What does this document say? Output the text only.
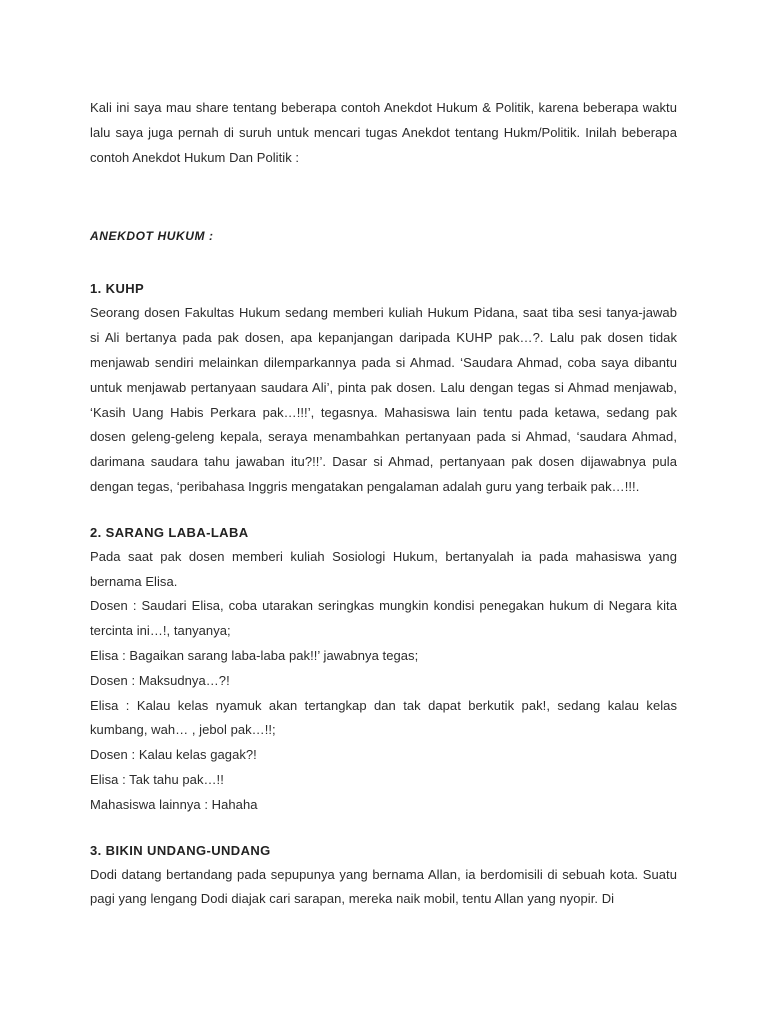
Kali ini saya mau share tentang beberapa contoh Anekdot Hukum & Politik, karena beberapa waktu lalu saya juga pernah di suruh untuk mencari tugas Anekdot tentang Hukm/Politik. Inilah beberapa contoh Anekdot Hukum Dan Politik :

ANEKDOT HUKUM :
1. KUHP

Seorang dosen Fakultas Hukum sedang memberi kuliah Hukum Pidana, saat tiba sesi tanya-jawab si Ali bertanya pada pak dosen, apa kepanjangan daripada KUHP pak…?. Lalu pak dosen tidak menjawab sendiri melainkan dilemparkannya pada si Ahmad. ‘Saudara Ahmad, coba saya dibantu untuk menjawab pertanyaan saudara Ali’, pinta pak dosen. Lalu dengan tegas si Ahmad menjawab, ‘Kasih Uang Habis Perkara pak…!!!’, tegasnya. Mahasiswa lain tentu pada ketawa, sedang pak dosen geleng-geleng kepala, seraya menambahkan pertanyaan pada si Ahmad, ‘saudara Ahmad, darimana saudara tahu jawaban itu?!!’. Dasar si Ahmad, pertanyaan pak dosen dijawabnya pula dengan tegas, ‘peribahasa Inggris mengatakan pengalaman adalah guru yang terbaik pak…!!!.

2. SARANG LABA-LABA

Pada saat pak dosen memberi kuliah Sosiologi Hukum, bertanyalah ia pada mahasiswa yang bernama Elisa.

Dosen : Saudari Elisa, coba utarakan seringkas mungkin kondisi penegakan hukum di Negara kita tercinta ini…!, tanyanya;

Elisa : Bagaikan sarang laba-laba pak!!’ jawabnya tegas;

Dosen : Maksudnya…?!

Elisa : Kalau kelas nyamuk akan tertangkap dan tak dapat berkutik pak!, sedang kalau kelas kumbang, wah… , jebol pak…!!;

Dosen : Kalau kelas gagak?!

Elisa : Tak tahu pak…!!

Mahasiswa lainnya : Hahaha

3. BIKIN UNDANG-UNDANG

Dodi datang bertandang pada sepupunya yang bernama Allan, ia berdomisili di sebuah kota. Suatu pagi yang lengang Dodi diajak cari sarapan, mereka naik mobil, tentu Allan yang nyopir. Di
